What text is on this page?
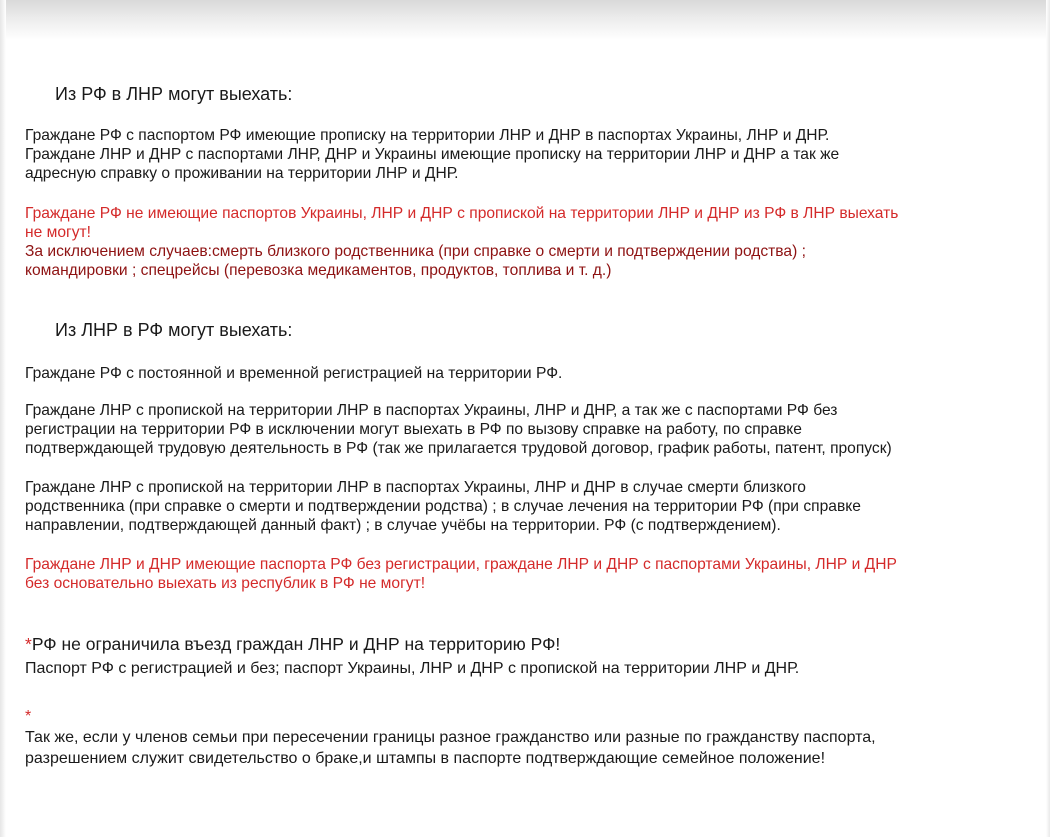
Из РФ в ЛНР могут выехать:
Граждане РФ с паспортом РФ имеющие прописку на территории ЛНР и ДНР в паспортах Украины, ЛНР и ДНР.
Граждане ЛНР и ДНР с паспортами ЛНР, ДНР и Украины имеющие прописку на территории ЛНР и ДНР а так же
адресную справку о проживании на территории ЛНР и ДНР.
Граждане РФ не имеющие паспортов Украины, ЛНР и ДНР с пропиской на территории ЛНР и ДНР из РФ в ЛНР выехать
не могут!
За исключением случаев:смерть близкого родственника (при справке о смерти и подтверждении родства) ;
командировки ; спецрейсы (перевозка медикаментов, продуктов, топлива и т. д.)
Из ЛНР в РФ могут выехать:
Граждане РФ с постоянной и временной регистрацией на территории РФ.
Граждане ЛНР с пропиской на территории ЛНР в паспортах Украины, ЛНР и ДНР, а так же с паспортами РФ без
регистрации на территории РФ в исключении могут выехать в РФ по вызову справке на работу, по справке
подтверждающей трудовую деятельность в РФ (так же прилагается трудовой договор, график работы, патент, пропуск)
Граждане ЛНР с пропиской на территории ЛНР в паспортах Украины, ЛНР и ДНР в случае смерти близкого
родственника (при справке о смерти и подтверждении родства) ; в случае лечения на территории РФ (при справке
направлении, подтверждающей данный факт) ; в случае учёбы на территории. РФ (с подтверждением).
Граждане ЛНР и ДНР имеющие паспорта РФ без регистрации, граждане ЛНР и ДНР с паспортами Украины, ЛНР и ДНР
без основательно выехать из республик в РФ не могут!
*РФ не ограничила въезд граждан ЛНР и ДНР на территорию РФ!
Паспорт РФ с регистрацией и без; паспорт Украины, ЛНР и ДНР с пропиской на территории ЛНР и ДНР.
*
Так же, если у членов семьи при пересечении границы разное гражданство или разные по гражданству паспорта,
разрешением служит свидетельство о браке,и штампы в паспорте подтверждающие семейное положение!
